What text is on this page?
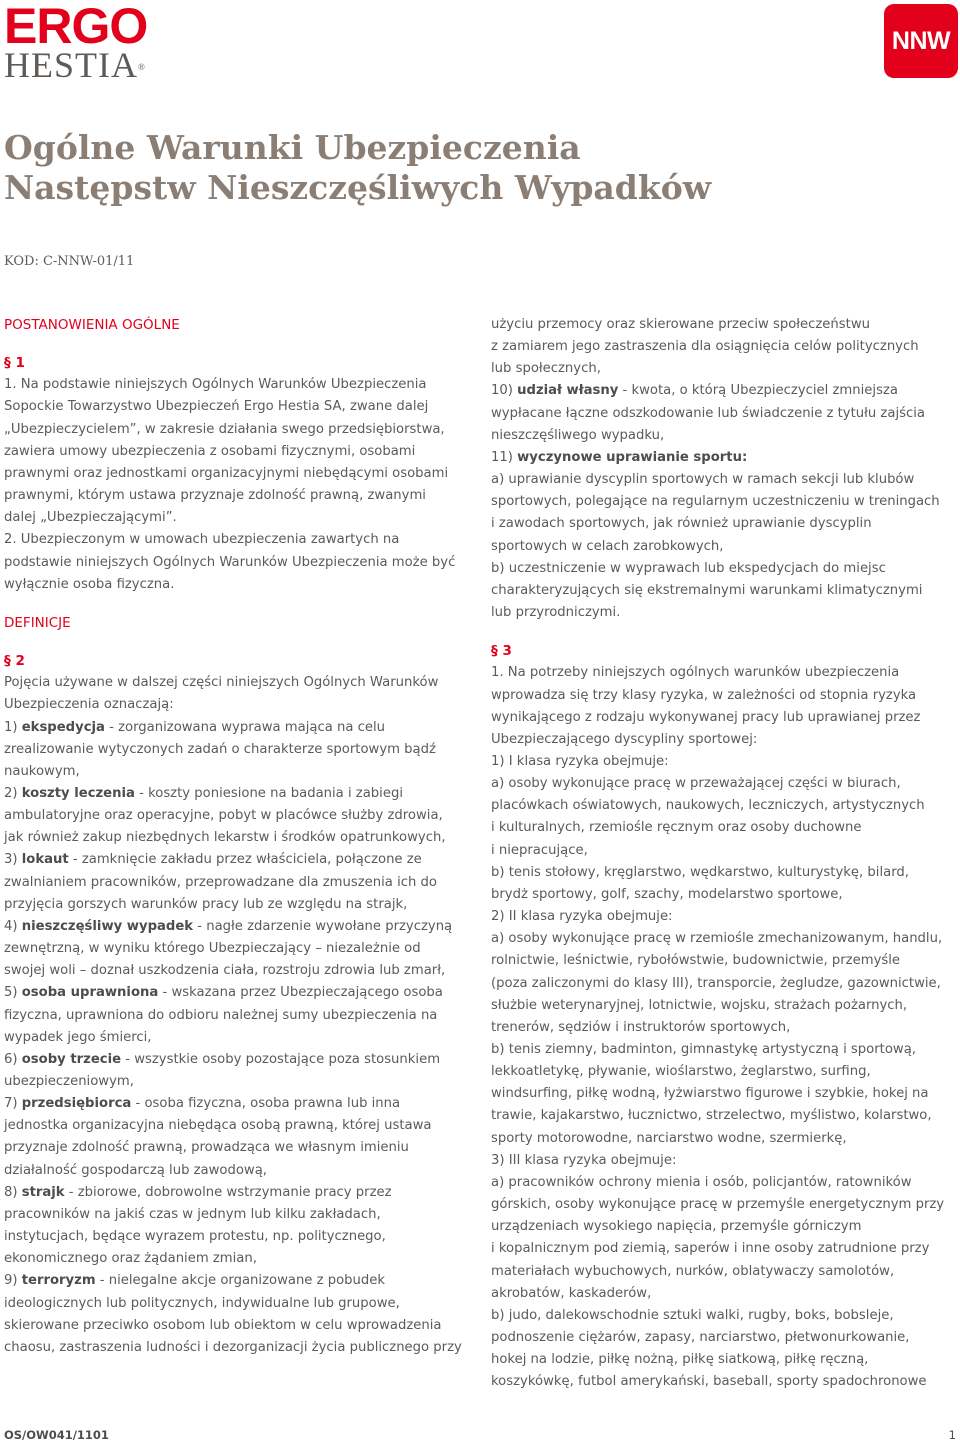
ERGO
HESTIA®
NNW
Ogólne Warunki Ubezpieczenia
Następstw Nieszczęśliwych Wypadków
KOD: C-NNW-01/11
POSTANOWIENIA OGÓLNE
§ 1
1. Na podstawie niniejszych Ogólnych Warunków Ubezpieczenia
Sopockie Towarzystwo Ubezpieczeń Ergo Hestia SA, zwane dalej
„Ubezpieczycielem”, w zakresie działania swego przedsiębiorstwa,
zawiera umowy ubezpieczenia z osobami fizycznymi, osobami
prawnymi oraz jednostkami organizacyjnymi niebędącymi osobami
prawnymi, którym ustawa przyznaje zdolność prawną, zwanymi
dalej „Ubezpieczającymi”.
2. Ubezpieczonym w umowach ubezpieczenia zawartych na
podstawie niniejszych Ogólnych Warunków Ubezpieczenia może być
wyłącznie osoba fizyczna.
DEFINICJE
§ 2
Pojęcia używane w dalszej części niniejszych Ogólnych Warunków
Ubezpieczenia oznaczają:
1) ekspedycja - zorganizowana wyprawa mająca na celu
zrealizowanie wytyczonych zadań o charakterze sportowym bądź
naukowym,
2) koszty leczenia - koszty poniesione na badania i zabiegi
ambulatoryjne oraz operacyjne, pobyt w placówce służby zdrowia,
jak również zakup niezbędnych lekarstw i środków opatrunkowych,
3) lokaut - zamknięcie zakładu przez właściciela, połączone ze
zwalnianiem pracowników, przeprowadzane dla zmuszenia ich do
przyjęcia gorszych warunków pracy lub ze względu na strajk,
4) nieszczęśliwy wypadek - nagłe zdarzenie wywołane przyczyną
zewnętrzną, w wyniku którego Ubezpieczający – niezależnie od
swojej woli – doznał uszkodzenia ciała, rozstroju zdrowia lub zmarł,
5) osoba uprawniona - wskazana przez Ubezpieczającego osoba
fizyczna, uprawniona do odbioru należnej sumy ubezpieczenia na
wypadek jego śmierci,
6) osoby trzecie - wszystkie osoby pozostające poza stosunkiem
ubezpieczeniowym,
7) przedsiębiorca - osoba fizyczna, osoba prawna lub inna
jednostka organizacyjna niebędąca osobą prawną, której ustawa
przyznaje zdolność prawną, prowadząca we własnym imieniu
działalność gospodarczą lub zawodową,
8) strajk - zbiorowe, dobrowolne wstrzymanie pracy przez
pracowników na jakiś czas w jednym lub kilku zakładach,
instytucjach, będące wyrazem protestu, np. politycznego,
ekonomicznego oraz żądaniem zmian,
9) terroryzm - nielegalne akcje organizowane z pobudek
ideologicznych lub politycznych, indywidualne lub grupowe,
skierowane przeciwko osobom lub obiektom w celu wprowadzenia
chaosu, zastraszenia ludności i dezorganizacji życia publicznego przy
użyciu przemocy oraz skierowane przeciw społeczeństwu
z zamiarem jego zastraszenia dla osiągnięcia celów politycznych
lub społecznych,
10) udział własny - kwota, o którą Ubezpieczyciel zmniejsza
wypłacane łączne odszkodowanie lub świadczenie z tytułu zajścia
nieszczęśliwego wypadku,
11) wyczynowe uprawianie sportu:
a) uprawianie dyscyplin sportowych w ramach sekcji lub klubów
sportowych, polegające na regularnym uczestniczeniu w treningach
i zawodach sportowych, jak również uprawianie dyscyplin
sportowych w celach zarobkowych,
b) uczestniczenie w wyprawach lub ekspedycjach do miejsc
charakteryzujących się ekstremalnymi warunkami klimatycznymi
lub przyrodniczymi.
§ 3
1. Na potrzeby niniejszych ogólnych warunków ubezpieczenia
wprowadza się trzy klasy ryzyka, w zależności od stopnia ryzyka
wynikającego z rodzaju wykonywanej pracy lub uprawianej przez
Ubezpieczającego dyscypliny sportowej:
1) I klasa ryzyka obejmuje:
a) osoby wykonujące pracę w przeważającej części w biurach,
placówkach oświatowych, naukowych, leczniczych, artystycznych
i kulturalnych, rzemiośle ręcznym oraz osoby duchowne
i niepracujące,
b) tenis stołowy, kręglarstwo, wędkarstwo, kulturystykę, bilard,
brydż sportowy, golf, szachy, modelarstwo sportowe,
2) II klasa ryzyka obejmuje:
a) osoby wykonujące pracę w rzemiośle zmechanizowanym, handlu,
rolnictwie, leśnictwie, rybołówstwie, budownictwie, przemyśle
(poza zaliczonymi do klasy III), transporcie, żegludze, gazownictwie,
służbie weterynaryjnej, lotnictwie, wojsku, strażach pożarnych,
trenerów, sędziów i instruktorów sportowych,
b) tenis ziemny, badminton, gimnastykę artystyczną i sportową,
lekkoatletykę, pływanie, wioślarstwo, żeglarstwo, surfing,
windsurfing, piłkę wodną, łyżwiarstwo figurowe i szybkie, hokej na
trawie, kajakarstwo, łucznictwo, strzelectwo, myślistwo, kolarstwo,
sporty motorowodne, narciarstwo wodne, szermierkę,
3) III klasa ryzyka obejmuje:
a) pracowników ochrony mienia i osób, policjantów, ratowników
górskich, osoby wykonujące pracę w przemyśle energetycznym przy
urządzeniach wysokiego napięcia, przemyśle górniczym
i kopalnicznym pod ziemią, saperów i inne osoby zatrudnione przy
materiałach wybuchowych, nurków, oblatywaczy samolotów,
akrobatów, kaskaderów,
b) judo, dalekowschodnie sztuki walki, rugby, boks, bobsleje,
podnoszenie ciężarów, zapasy, narciarstwo, płetwonurkowanie,
hokej na lodzie, piłkę nożną, piłkę siatkową, piłkę ręczną,
koszykówkę, futbol amerykański, baseball, sporty spadochronowe
OS/OW041/1101	1
